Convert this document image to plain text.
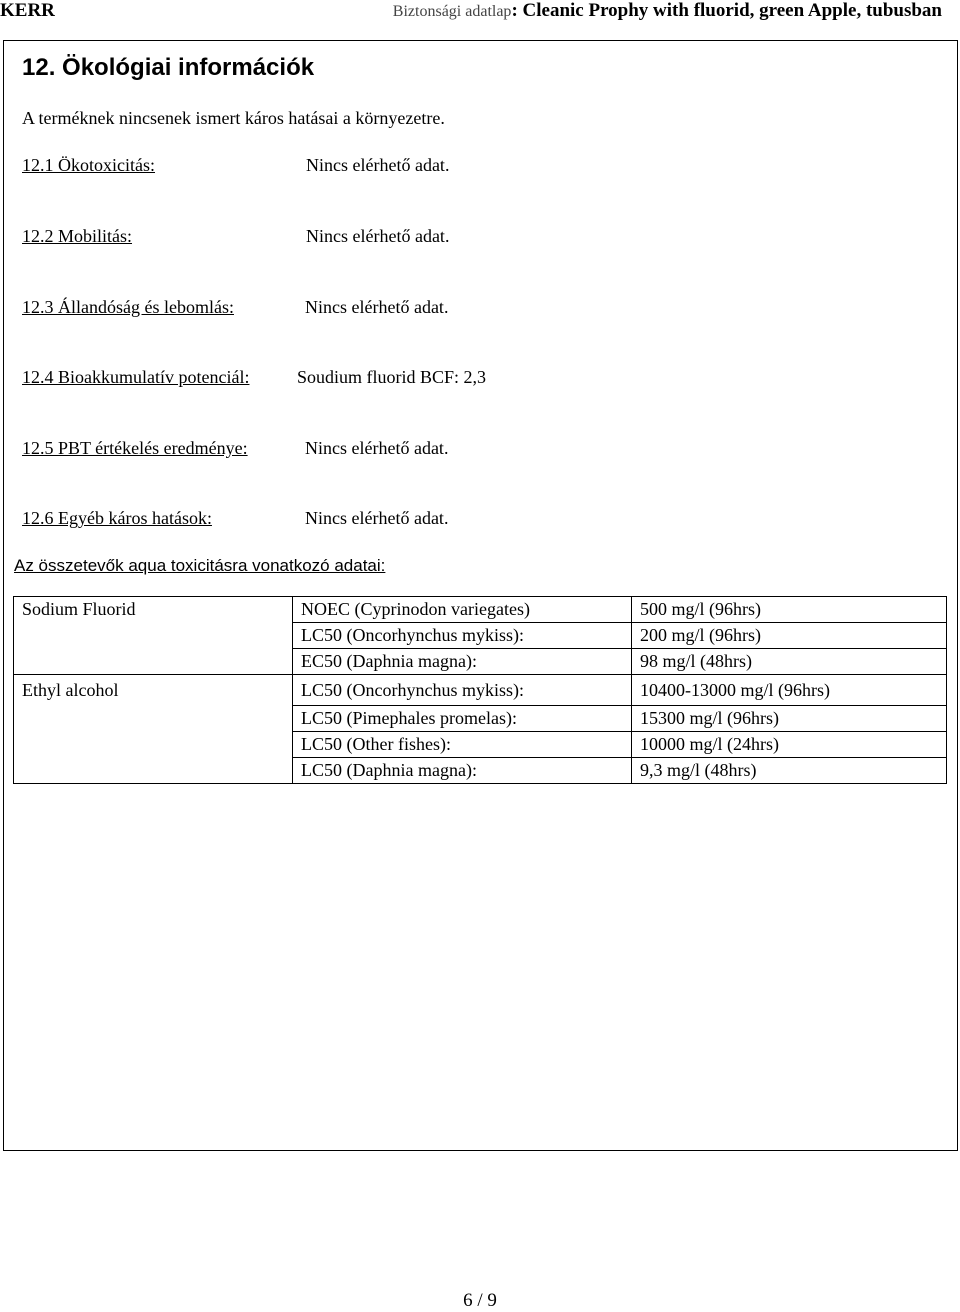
KERR	Biztonsági adatlap: Cleanic Prophy with fluorid, green Apple, tubusban
12. Ökológiai információk
A terméknek nincsenek ismert káros hatásai a környezetre.
12.1 Ökotoxicitás:	Nincs elérhető adat.
12.2 Mobilitás:	Nincs elérhető adat.
12.3 Állandóság és lebomlás:	Nincs elérhető adat.
12.4 Bioakkumulatív potenciál:	Soudium fluorid BCF: 2,3
12.5 PBT értékelés eredménye:	Nincs elérhető adat.
12.6 Egyéb káros hatások:	Nincs elérhető adat.
Az összetevők aqua toxicitásra vonatkozó adatai:
Sodium Fluorid	NOEC (Cyprinodon variegates)	500 mg/l (96hrs)
	LC50 (Oncorhynchus mykiss):	200 mg/l (96hrs)
	EC50 (Daphnia magna):	98 mg/l (48hrs)
Ethyl alcohol	LC50 (Oncorhynchus mykiss):	10400-13000 mg/l (96hrs)
	LC50 (Pimephales promelas):	15300 mg/l (96hrs)
	LC50 (Other fishes):	10000 mg/l (24hrs)
	LC50 (Daphnia magna):	9,3 mg/l (48hrs)
6 / 9
